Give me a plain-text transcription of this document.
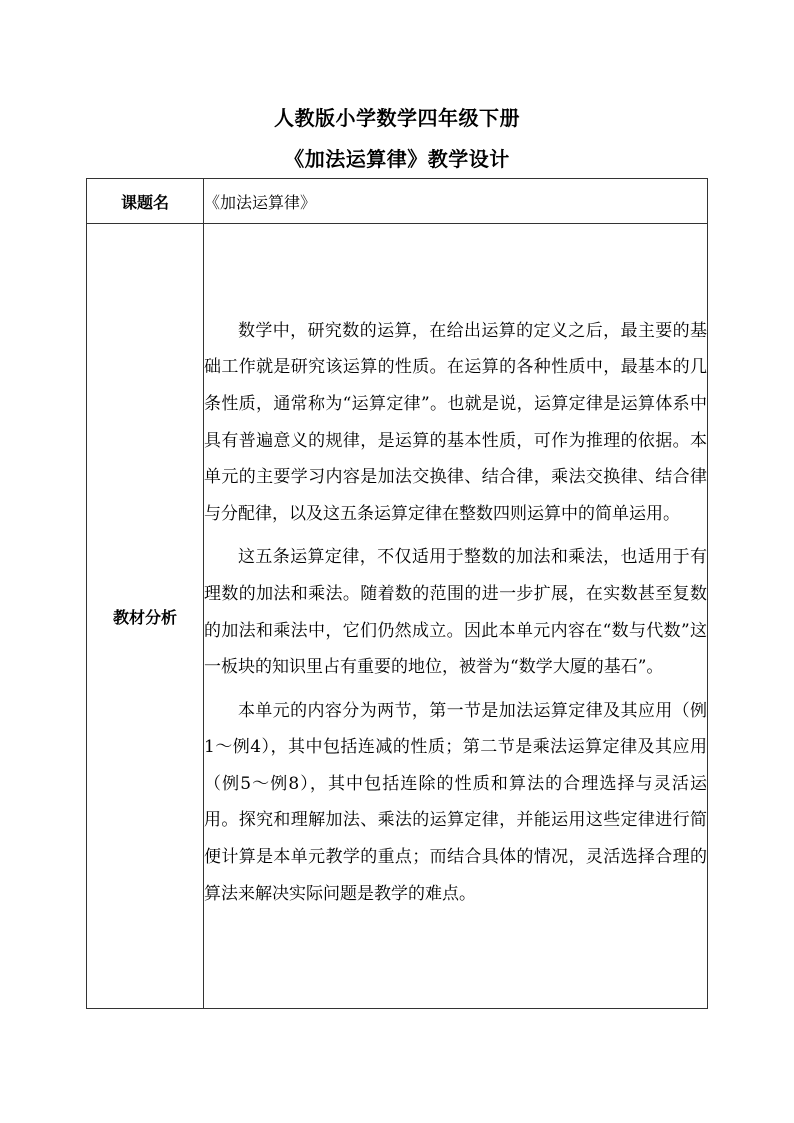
人教版小学数学四年级下册
《加法运算律》教学设计
课题名	《加法运算律》
教材分析	数学中，研究数的运算，在给出运算的定义之后，最主要的基础工作就是研究该运算的性质。在运算的各种性质中，最基本的几条性质，通常称为“运算定律”。也就是说，运算定律是运算体系中具有普遍意义的规律，是运算的基本性质，可作为推理的依据。本单元的主要学习内容是加法交换律、结合律，乘法交换律、结合律与分配律，以及这五条运算定律在整数四则运算中的简单运用。

这五条运算定律，不仅适用于整数的加法和乘法，也适用于有理数的加法和乘法。随着数的范围的进一步扩展，在实数甚至复数的加法和乘法中，它们仍然成立。因此本单元内容在“数与代数”这一板块的知识里占有重要的地位，被誉为“数学大厦的基石”。

本单元的内容分为两节，第一节是加法运算定律及其应用（例1～例4），其中包括连减的性质；第二节是乘法运算定律及其应用（例5～例8），其中包括连除的性质和算法的合理选择与灵活运用。探究和理解加法、乘法的运算定律，并能运用这些定律进行简便计算是本单元教学的重点；而结合具体的情况，灵活选择合理的算法来解决实际问题是教学的难点。
